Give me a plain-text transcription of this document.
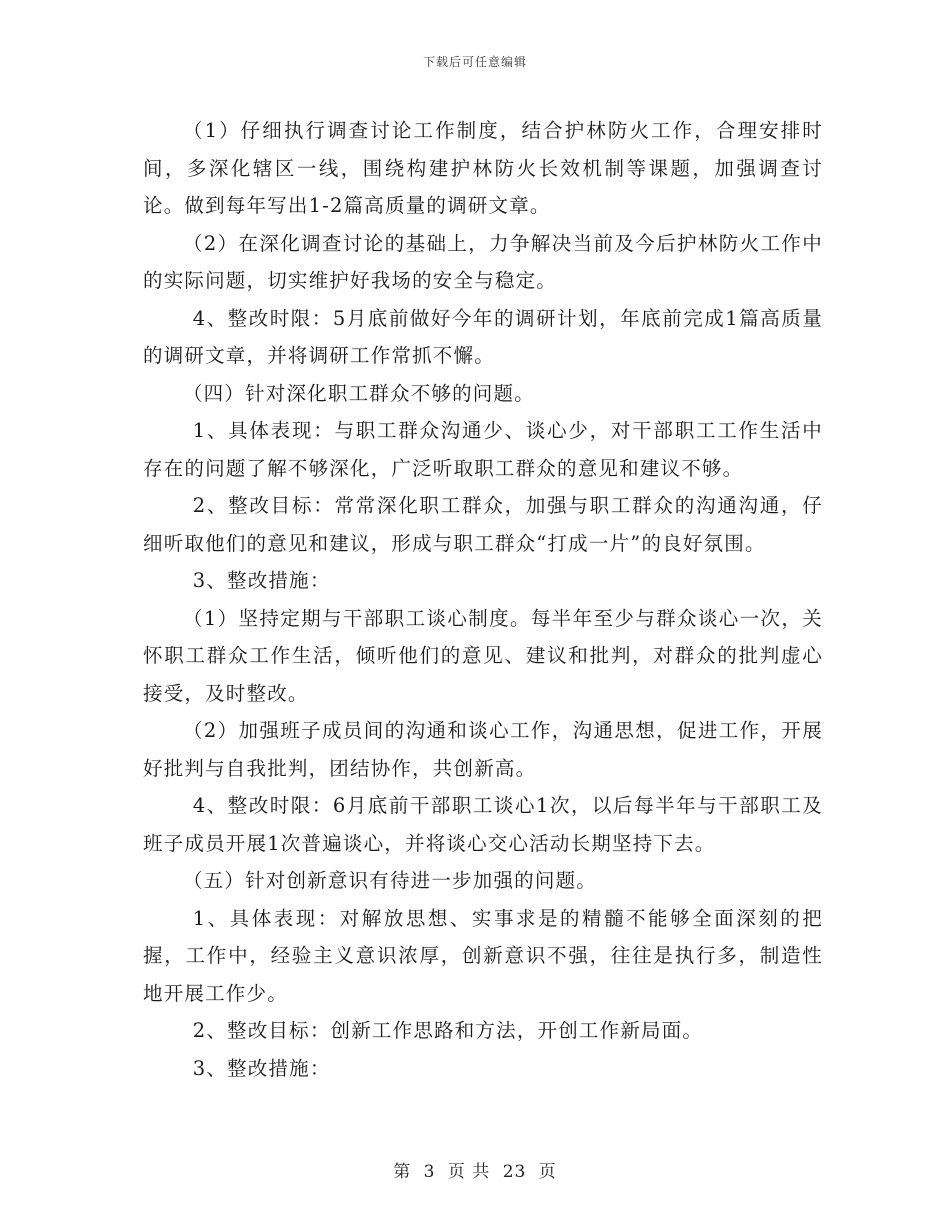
下载后可任意编辑

（1）仔细执行调查讨论工作制度，结合护林防火工作，合理安排时间，多深化辖区一线，围绕构建护林防火长效机制等课题，加强调查讨论。做到每年写出1-2篇高质量的调研文章。

（2）在深化调查讨论的基础上，力争解决当前及今后护林防火工作中的实际问题，切实维护好我场的安全与稳定。

4、整改时限：5月底前做好今年的调研计划，年底前完成1篇高质量的调研文章，并将调研工作常抓不懈。

（四）针对深化职工群众不够的问题。

1、具体表现：与职工群众沟通少、谈心少，对干部职工工作生活中存在的问题了解不够深化，广泛听取职工群众的意见和建议不够。

2、整改目标：常常深化职工群众，加强与职工群众的沟通沟通，仔细听取他们的意见和建议，形成与职工群众“打成一片”的良好氛围。

3、整改措施：

（1）坚持定期与干部职工谈心制度。每半年至少与群众谈心一次，关怀职工群众工作生活，倾听他们的意见、建议和批判，对群众的批判虚心接受，及时整改。

（2）加强班子成员间的沟通和谈心工作，沟通思想，促进工作，开展好批判与自我批判，团结协作，共创新高。

4、整改时限：6月底前干部职工谈心1次，以后每半年与干部职工及班子成员开展1次普遍谈心，并将谈心交心活动长期坚持下去。

（五）针对创新意识有待进一步加强的问题。

1、具体表现：对解放思想、实事求是的精髓不能够全面深刻的把握，工作中，经验主义意识浓厚，创新意识不强，往往是执行多，制造性地开展工作少。

2、整改目标：创新工作思路和方法，开创工作新局面。

3、整改措施：

第 3 页 共 23 页
